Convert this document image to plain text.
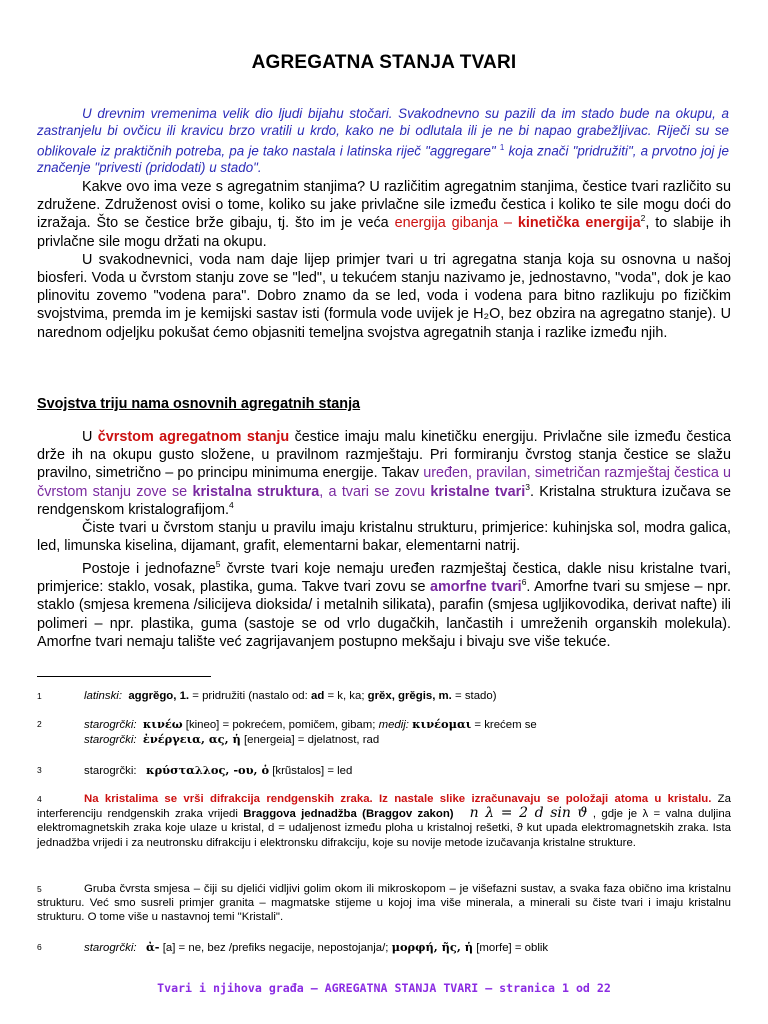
AGREGATNA STANJA TVARI

U drevnim vremenima velik dio ljudi bijahu stočari. Svakodnevno su pazili da im stado bude na okupu, a zastranjelu bi ovčicu ili kravicu brzo vratili u krdo, kako ne bi odlutala ili je ne bi napao grabežljivac. Riječi su se oblikovale iz praktičnih potreba, pa je tako nastala i latinska riječ "aggregare" $^1$ koja znači "pridružiti", a prvotno joj je značenje "privesti (pridodati) u stado".

Kakve ovo ima veze s agregatnim stanjima? U različitim agregatnim stanjima, čestice tvari različito su združene. Združenost ovisi o tome, koliko su jake privlačne sile između čestica i koliko te sile mogu doći do izražaja. Što se čestice brže gibaju, tj. što im je veća energija gibanja – kinetička energija$^2$, to slabije ih privlačne sile mogu držati na okupu.

U svakodnevnici, voda nam daje lijep primjer tvari u tri agregatna stanja koja su osnovna u našoj biosferi. Voda u čvrstom stanju zove se "led", u tekućem stanju nazivamo je, jednostavno, "voda", dok je kao plinovitu zovemo "vodena para". Dobro znamo da se led, voda i vodena para bitno razlikuju po fizičkim svojstvima, premda im je kemijski sastav isti (formula vode uvijek je H₂O, bez obzira na agregatno stanje). U narednom odjeljku pokušat ćemo objasniti temeljna svojstva agregatnih stanja i razlike između njih.

Svojstva triju nama osnovnih agregatnih stanja

U čvrstom agregatnom stanju čestice imaju malu kinetičku energiju. Privlačne sile između čestica drže ih na okupu gusto složene, u pravilnom razmještaju. Pri formiranju čvrstog stanja čestice se slažu pravilno, simetrično – po principu minimuma energije. Takav uređen, pravilan, simetričan razmještaj čestica u čvrstom stanju zove se kristalna struktura, a tvari se zovu kristalne tvari$^3$. Kristalna struktura izučava se rendgenskom kristalografijom.$^4$

Čiste tvari u čvrstom stanju u pravilu imaju kristalnu strukturu, primjerice: kuhinjska sol, modra galica, led, limunska kiselina, dijamant, grafit, elementarni bakar, elementarni natrij.

Postoje i jednofazne$^5$ čvrste tvari koje nemaju uređen razmještaj čestica, dakle nisu kristalne tvari, primjerice: staklo, vosak, plastika, guma. Takve tvari zovu se amorfne tvari$^6$. Amorfne tvari su smjese – npr. staklo (smjesa kremena /silicijeva dioksida/ i metalnih silikata), parafin (smjesa ugljikovodika, derivat nafte) ili polimeri – npr. plastika, guma (sastoje se od vrlo dugačkih, lančastih i umreženih organskih molekula). Amorfne tvari nemaju talište već zagrijavanjem postupno mekšaju i bivaju sve više tekuće.

1	latinski: aggrĕgo, 1. = pridružiti (nastalo od: ad = k, ka; grĕx, grĕgis, m. = stado)
2	starogrčki: κινέω [kineo] = pokrećem, pomičem, gibam; medij: κινέομαι = krećem se
starogrčki: ἐνέργεια, ας, ἡ [energeia] = djelatnost, rad
3	starogrčki: κρύσταλλος, -ου, ὁ [krũstalos] = led
4	Na kristalima se vrši difrakcija rendgenskih zraka. Iz nastale slike izračunavaju se položaji atoma u kristalu. Za interferenciju rendgenskih zraka vrijedi Braggova jednadžba (Braggov zakon) n λ = 2 d sin ϑ , gdje je λ = valna duljina elektromagnetskih zraka koje ulaze u kristal, d = udaljenost između ploha u kristalnoj rešetki, ϑ kut upada elektromagnetskih zraka. Ista jednadžba vrijedi i za neutronsku difrakciju i elektronsku difrakciju, koje su novije metode izučavanja kristalne strukture.
5	Gruba čvrsta smjesa – čiji su djelići vidljivi golim okom ili mikroskopom – je višefazni sustav, a svaka faza obično ima kristalnu strukturu. Već smo susreli primjer granita – magmatske stijeme u kojoj ima više minerala, a minerali su čiste tvari i imaju kristalnu strukturu. O tome više u nastavnoj temi "Kristali".
6	starogrčki: ἀ- [a] = ne, bez /prefiks negacije, nepostojanja/; μορφή, ῆς, ἡ [morfe] = oblik
Tvari i njihova građa – AGREGATNA STANJA TVARI – stranica 1 od 22
